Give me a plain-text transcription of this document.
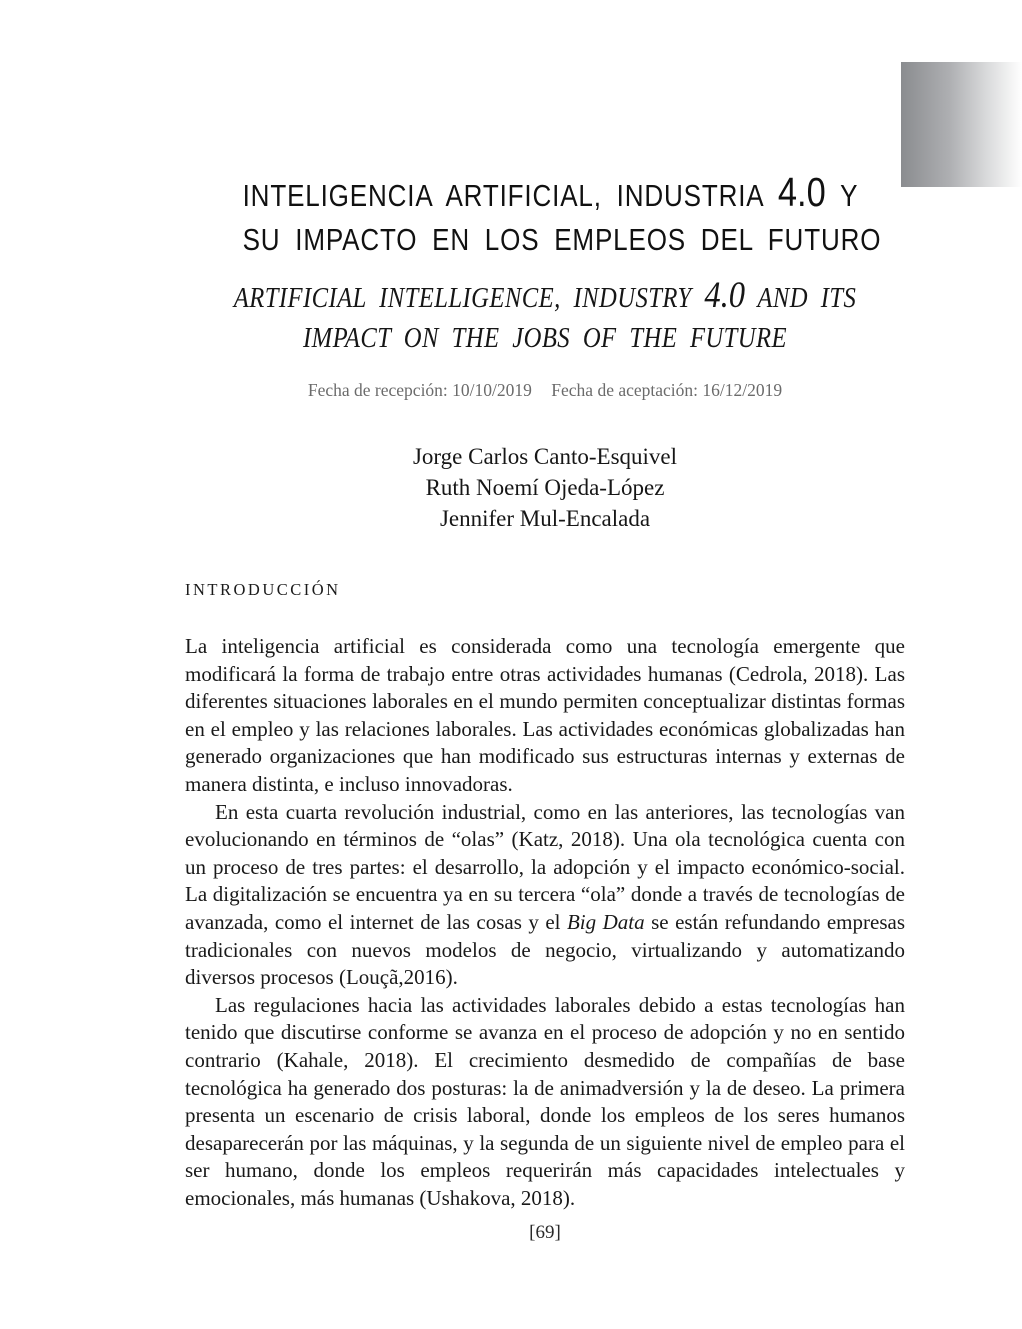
INTELIGENCIA ARTIFICIAL, INDUSTRIA 4.0 Y
SU IMPACTO EN LOS EMPLEOS DEL FUTURO
ARTIFICIAL INTELLIGENCE, INDUSTRY 4.0 AND ITS
IMPACT ON THE JOBS OF THE FUTURE
Fecha de recepción: 10/10/2019 Fecha de aceptación: 16/12/2019
Jorge Carlos Canto-Esquivel
Ruth Noemí Ojeda-López
Jennifer Mul-Encalada
INTRODUCCIÓN

La inteligencia artificial es considerada como una tecnología emergente que modificará la forma de trabajo entre otras actividades humanas (Cedrola, 2018). Las diferentes situaciones laborales en el mundo permiten conceptualizar distintas formas en el empleo y las relaciones laborales. Las actividades económicas globalizadas han generado organizaciones que han modificado sus estructuras internas y externas de manera distinta, e incluso innovadoras.

En esta cuarta revolución industrial, como en las anteriores, las tecnologías van evolucionando en términos de “olas” (Katz, 2018). Una ola tecnológica cuenta con un proceso de tres partes: el desarrollo, la adopción y el impacto económico-social. La digitalización se encuentra ya en su tercera “ola” donde a través de tecnologías de avanzada, como el internet de las cosas y el Big Data se están refundando empresas tradicionales con nuevos modelos de negocio, virtualizando y automatizando diversos procesos (Louçã,2016).

Las regulaciones hacia las actividades laborales debido a estas tecnologías han tenido que discutirse conforme se avanza en el proceso de adopción y no en sentido contrario (Kahale, 2018). El crecimiento desmedido de compañías de base tecnológica ha generado dos posturas: la de animadversión y la de deseo. La primera presenta un escenario de crisis laboral, donde los empleos de los seres humanos desaparecerán por las máquinas, y la segunda de un siguiente nivel de empleo para el ser humano, donde los empleos requerirán más capacidades intelectuales y emocionales, más humanas (Ushakova, 2018).

[69]
